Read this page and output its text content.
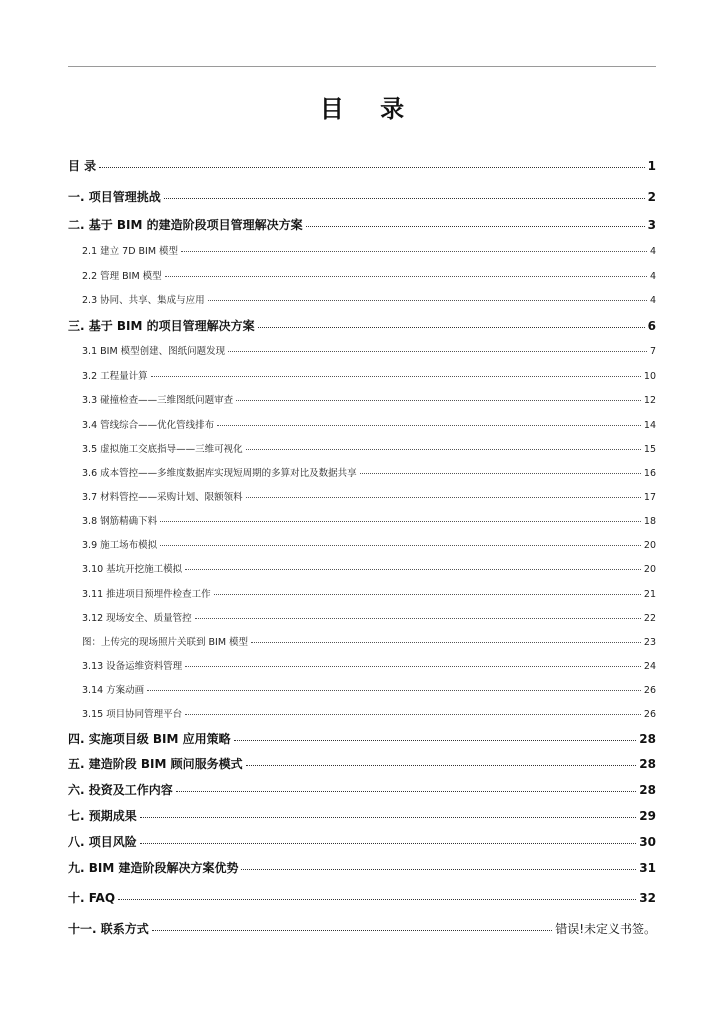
目 录
目 录	1
一. 项目管理挑战	2
二. 基于 BIM 的建造阶段项目管理解决方案	3
2.1 建立 7D BIM 模型	4
2.2 管理 BIM 模型	4
2.3 协同、共享、集成与应用	4
三. 基于 BIM 的项目管理解决方案	6
3.1 BIM 模型创建、图纸问题发现	7
3.2 工程量计算	10
3.3 碰撞检查——三维图纸问题审查	12
3.4 管线综合——优化管线排布	14
3.5 虚拟施工交底指导——三维可视化	15
3.6 成本管控——多维度数据库实现短周期的多算对比及数据共享	16
3.7 材料管控——采购计划、限额领料	17
3.8 钢筋精确下料	18
3.9 施工场布模拟	20
3.10 基坑开挖施工模拟	20
3.11 推进项目预埋件检查工作	21
3.12 现场安全、质量管控	22
图：上传完的现场照片关联到 BIM 模型	23
3.13 设备运维资料管理	24
3.14 方案动画	26
3.15 项目协同管理平台	26
四. 实施项目级 BIM 应用策略	28
五. 建造阶段 BIM 顾问服务模式	28
六. 投资及工作内容	28
七. 预期成果	29
八. 项目风险	30
九. BIM 建造阶段解决方案优势	31
十. FAQ	32
十一. 联系方式	错误!未定义书签。
